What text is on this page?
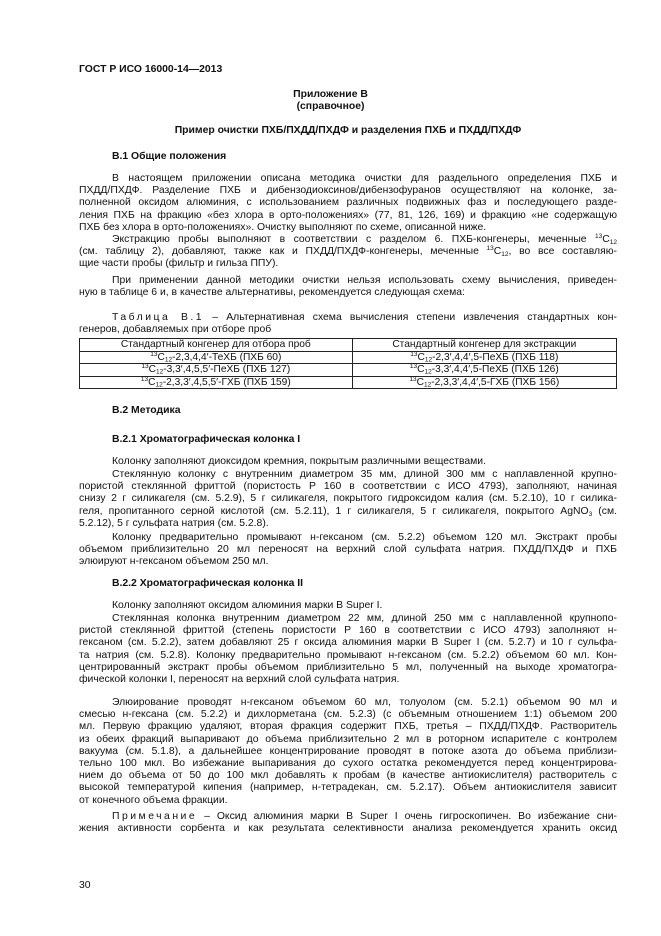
ГОСТ Р ИСО 16000-14—2013
Приложение В
(справочное)
Пример очистки ПХБ/ПХДД/ПХДФ и разделения ПХБ и ПХДД/ПХДФ
В.1 Общие положения
В настоящем приложении описана методика очистки для раздельного определения ПХБ и
ПХДД/ПХДФ. Разделение ПХБ и дибензодиоксинов/дибензофуранов осуществляют на колонке, за-
полненной оксидом алюминия, с использованием различных подвижных фаз и последующего разде-
ления ПХБ на фракцию «без хлора в орто-положениях» (77, 81, 126, 169) и фракцию «не содержащую
ПХБ без хлора в орто-положениях». Очистку выполняют по схеме, описанной ниже.
Экстракцию пробы выполняют в соответствии с разделом 6. ПХБ-конгенеры, меченные $^{13}$C12
(см. таблицу 2), добавляют, также как и ПХДД/ПХДФ-конгенеры, меченные $^{13}$C12, во все составляю-
щие части пробы (фильтр и гильза ППУ).
При применении данной методики очистки нельзя использовать схему вычисления, приведен-
ную в таблице 6 и, в качестве альтернативы, рекомендуется следующая схема:
Таблица В.1 – Альтернативная схема вычисления степени извлечения стандартных кон-
генеров, добавляемых при отборе проб
Стандартный конгенер для отбора проб	Стандартный конгенер для экстракции
$^{13}$C12-2,3,4,4′-ТеХБ (ПХБ 60)	$^{13}$C12-2,3′,4,4′,5-ПеХБ (ПХБ 118)
$^{13}$C12-3,3′,4,5,5′-ПеХБ (ПХБ 127)	$^{13}$C12-3,3′,4,4′,5-ПеХБ (ПХБ 126)
$^{13}$C12-2,3,3′,4,5,5′-ГХБ (ПХБ 159)	$^{13}$C12-2,3,3′,4,4′,5-ГХБ (ПХБ 156)
В.2 Методика
В.2.1 Хроматографическая колонка I
Колонку заполняют диоксидом кремния, покрытым различными веществами.
Стеклянную колонку с внутренним диаметром 35 мм, длиной 300 мм с наплавленной крупно-
пористой стеклянной фриттой (пористость Р 160 в соответствии с ИСО 4793), заполняют, начиная
снизу 2 г силикагеля (см. 5.2.9), 5 г силикагеля, покрытого гидроксидом калия (см. 5.2.10), 10 г силика-
геля, пропитанного серной кислотой (см. 5.2.11), 1 г силикагеля, 5 г силикагеля, покрытого AgNO3 (см.
5.2.12), 5 г сульфата натрия (см. 5.2.8).
Колонку предварительно промывают н-гексаном (см. 5.2.2) объемом 120 мл. Экстракт пробы
объемом приблизительно 20 мл переносят на верхний слой сульфата натрия. ПХДД/ПХДФ и ПХБ
элюируют н-гексаном объемом 250 мл.
В.2.2 Хроматографическая колонка II
Колонку заполняют оксидом алюминия марки В Super I.
Стеклянная колонка внутренним диаметром 22 мм, длиной 250 мм с наплавленной крупнопо-
ристой стеклянной фриттой (степень пористости Р 160 в соответствии с ИСО 4793) заполняют н-
гексаном (см. 5.2.2), затем добавляют 25 г оксида алюминия марки В Super I (см. 5.2.7) и 10 г сульфа-
та натрия (см. 5.2.8). Колонку предварительно промывают н-гексаном (см. 5.2.2) объемом 60 мл. Кон-
центрированный экстракт пробы объемом приблизительно 5 мл, полученный на выходе хроматогра-
фической колонки I, переносят на верхний слой сульфата натрия.
Элюирование проводят н-гексаном объемом 60 мл, толуолом (см. 5.2.1) объемом 90 мл и
смесью н-гексана (см. 5.2.2) и дихлорметана (см. 5.2.3) (с объемным отношением 1:1) объемом 200
мл. Первую фракцию удаляют, вторая фракция содержит ПХБ, третья – ПХДД/ПХДФ. Растворитель
из обеих фракций выпаривают до объема приблизительно 2 мл в роторном испарителе с контролем
вакуума (см. 5.1.8), а дальнейшее концентрирование проводят в потоке азота до объема приблизи-
тельно 100 мкл. Во избежание выпаривания до сухого остатка рекомендуется перед концентрирова-
нием до объема от 50 до 100 мкл добавлять к пробам (в качестве антиокислителя) растворитель с
высокой температурой кипения (например, н-тетрадекан, см. 5.2.17). Объем антиокислителя зависит
от конечного объема фракции.
Примечание – Оксид алюминия марки В Super I очень гигроскопичен. Во избежание сни-
жения активности сорбента и как результата селективности анализа рекомендуется хранить оксид
30
